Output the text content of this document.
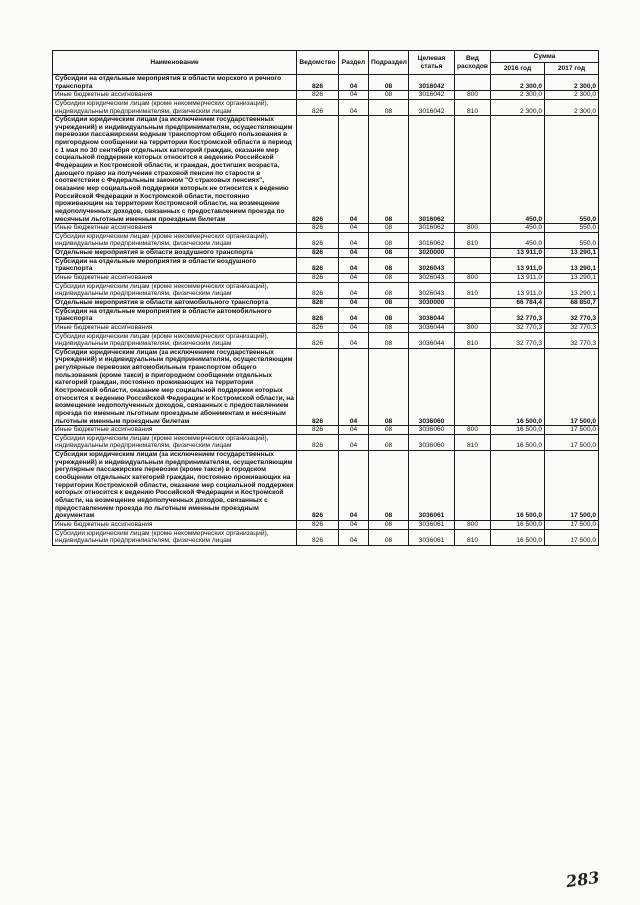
Наименование	Ведомство	Раздел	Подраздел	Целевая статья	Вид расходов	Сумма	
						2016 год	2017 год
Субсидии на отдельные мероприятия в области морского и речного транспорта	826	04	08	3016042		2 300,0	2 300,0
Иные бюджетные ассигнования	826	04	08	3016042	800	2 300,0	2 300,0
Субсидии юридическим лицам (кроме некоммерческих организаций), индивидуальным предпринимателям, физическим лицам	826	04	08	3016042	810	2 300,0	2 300,0
Субсидии юридическим лицам (за исключением государственных учреждений) и индивидуальным предпринимателям, осуществляющим перевозки пассажирским водным транспортом общего пользования в пригородном сообщении на территории Костромской области в период с 1 мая по 30 сентября отдельных категорий граждан, оказание мер социальной поддержки которых относится к ведению Российской Федерации и Костромской области, и граждан, достигших возраста, дающего право на получение страховой пенсии по старости в соответствии с Федеральным законом "О страховых пенсиях", оказание мер социальной поддержки которых не относится к ведению Российской Федерации и Костромской области, постоянно проживающим на территории Костромской области, на возмещение недополученных доходов, связанных с предоставлением проезда по месячным льготным именным проездным билетам	826	04	08	3016062		450,0	550,0
Иные бюджетные ассигнования	826	04	08	3016062	800	450,0	550,0
Субсидии юридическим лицам (кроме некоммерческих организаций), индивидуальным предпринимателям, физическим лицам	826	04	08	3016062	810	450,0	550,0
Отдельные мероприятия в области воздушного транспорта	826	04	08	3020000		13 911,0	13 290,1
Субсидии на отдельные мероприятия в области воздушного транспорта	826	04	08	3026043		13 911,0	13 290,1
Иные бюджетные ассигнования	826	04	08	3026043	800	13 911,0	13 290,1
Субсидии юридическим лицам (кроме некоммерческих организаций), индивидуальным предпринимателям, физическим лицам	826	04	08	3026043	810	13 911,0	13 290,1
Отдельные мероприятия в области автомобильного транспорта	826	04	08	3030000		66 784,4	68 850,7
Субсидии на отдельные мероприятия в области автомобильного транспорта	826	04	08	3036044		32 770,3	32 770,3
Иные бюджетные ассигнования	826	04	08	3036044	800	32 770,3	32 770,3
Субсидии юридическим лицам (кроме некоммерческих организаций), индивидуальным предпринимателям, физическим лицам	826	04	08	3036044	810	32 770,3	32 770,3
Субсидии юридическим лицам (за исключением государственных учреждений) и индивидуальным предпринимателям, осуществляющим регулярные перевозки автомобильным транспортом общего пользования (кроме такси) в пригородном сообщении отдельных категорий граждан, постоянно проживающих на территории Костромской области, оказание мер социальной поддержки которых относится к ведению Российской Федерации и Костромской области, на возмещение недополученных доходов, связанных с предоставлением проезда по именным льготным проездным абонементам и месячным льготным именным проездным билетам	826	04	08	3036060		16 500,0	17 500,0
Иные бюджетные ассигнования	826	04	08	3036060	800	16 500,0	17 500,0
Субсидии юридическим лицам (кроме некоммерческих организаций), индивидуальным предпринимателям, физическим лицам	826	04	08	3036060	810	16 500,0	17 500,0
Субсидии юридическим лицам (за исключением государственных учреждений) и индивидуальным предпринимателям, осуществляющим регулярные пассажирские перевозки (кроме такси) в городском сообщении отдельных категорий граждан, постоянно проживающих на территории Костромской области, оказание мер социальной поддержки которых относится к ведению Российской Федерации и Костромской области, на возмещение недополученных доходов, связанных с предоставлением проезда по льготным именным проездным документам	826	04	08	3036061		16 500,0	17 500,0
Иные бюджетные ассигнования	826	04	08	3036061	800	16 500,0	17 500,0
Субсидии юридическим лицам (кроме некоммерческих организаций), индивидуальным предпринимателям, физическим лицам	826	04	08	3036061	810	16 500,0	17 500,0
283
